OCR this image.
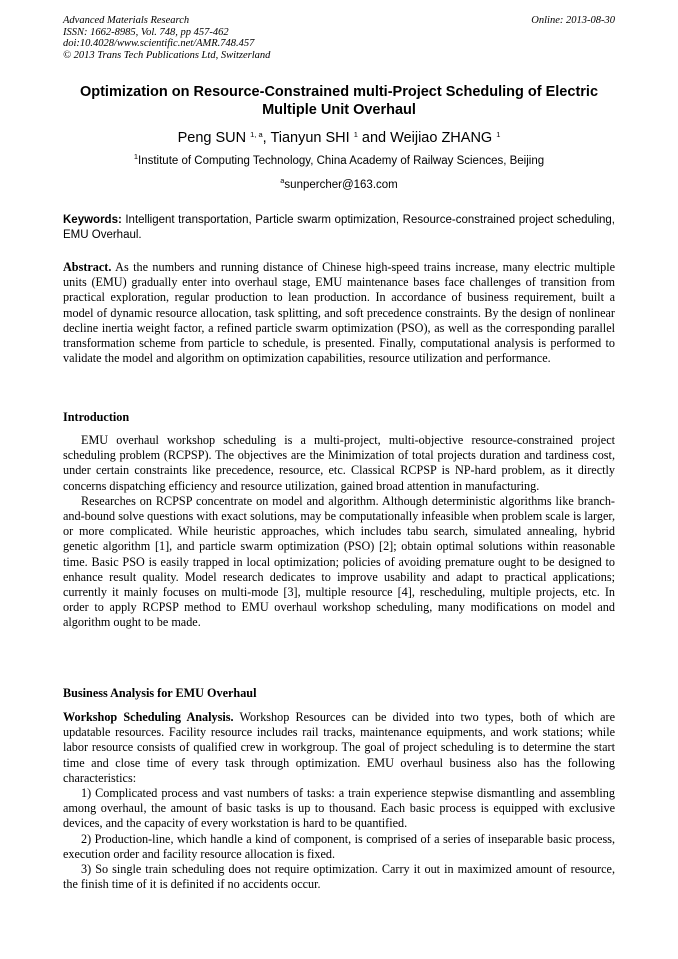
Advanced Materials Research
ISSN: 1662-8985, Vol. 748, pp 457-462
doi:10.4028/www.scientific.net/AMR.748.457
© 2013 Trans Tech Publications Ltd, Switzerland
Online: 2013-08-30
Optimization on Resource-Constrained multi-Project Scheduling of Electric Multiple Unit Overhaul
Peng SUN $^{1, a}$, Tianyun SHI $^1$ and Weijiao ZHANG $^1$
$^1$Institute of Computing Technology, China Academy of Railway Sciences, Beijing
$^a$sunpercher@163.com
Keywords: Intelligent transportation, Particle swarm optimization, Resource-constrained project scheduling, EMU Overhaul.
Abstract. As the numbers and running distance of Chinese high-speed trains increase, many electric multiple units (EMU) gradually enter into overhaul stage, EMU maintenance bases face challenges of transition from practical exploration, regular production to lean production. In accordance of business requirement, built a model of dynamic resource allocation, task splitting, and soft precedence constraints. By the design of nonlinear decline inertia weight factor, a refined particle swarm optimization (PSO), as well as the corresponding parallel transformation scheme from particle to schedule, is presented. Finally, computational analysis is performed to validate the model and algorithm on optimization capabilities, resource utilization and performance.
Introduction

EMU overhaul workshop scheduling is a multi-project, multi-objective resource-constrained project scheduling problem (RCPSP). The objectives are the Minimization of total projects duration and tardiness cost, under certain constraints like precedence, resource, etc. Classical RCPSP is NP-hard problem, as it directly concerns dispatching efficiency and resource utilization, gained broad attention in manufacturing.

Researches on RCPSP concentrate on model and algorithm. Although deterministic algorithms like branch-and-bound solve questions with exact solutions, may be computationally infeasible when problem scale is larger, or more complicated. While heuristic approaches, which includes tabu search, simulated annealing, hybrid genetic algorithm [1], and particle swarm optimization (PSO) [2]; obtain optimal solutions within reasonable time. Basic PSO is easily trapped in local optimization; policies of avoiding premature ought to be designed to enhance result quality. Model research dedicates to improve usability and adapt to practical applications; currently it mainly focuses on multi-mode [3], multiple resource [4], rescheduling, multiple projects, etc. In order to apply RCPSP method to EMU overhaul workshop scheduling, many modifications on model and algorithm ought to be made.

Business Analysis for EMU Overhaul

Workshop Scheduling Analysis. Workshop Resources can be divided into two types, both of which are updatable resources. Facility resource includes rail tracks, maintenance equipments, and work stations; while labor resource consists of qualified crew in workgroup. The goal of project scheduling is to determine the start time and close time of every task through optimization. EMU overhaul business also has the following characteristics:

1) Complicated process and vast numbers of tasks: a train experience stepwise dismantling and assembling among overhaul, the amount of basic tasks is up to thousand. Each basic process is equipped with exclusive devices, and the capacity of every workstation is hard to be quantified.

2) Production-line, which handle a kind of component, is comprised of a series of inseparable basic process, execution order and facility resource allocation is fixed.

3) So single train scheduling does not require optimization. Carry it out in maximized amount of resource, the finish time of it is definited if no accidents occur.
